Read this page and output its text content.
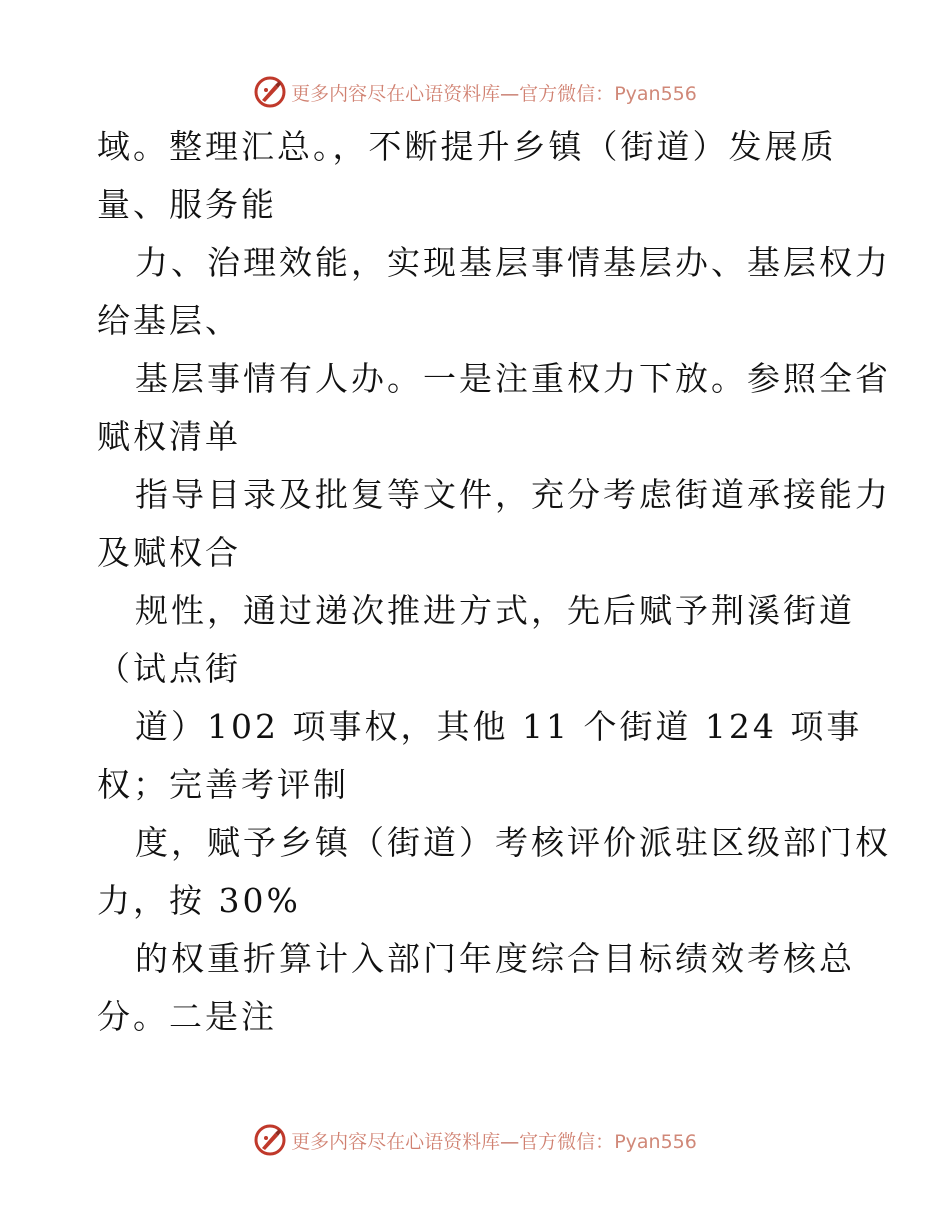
更多内容尽在心语资料库—官方微信：Pyan556
域。整理汇总。，不断提升乡镇（街道）发展质
量、服务能
力、治理效能，实现基层事情基层办、基层权力
给基层、
基层事情有人办。一是注重权力下放。参照全省
赋权清单
指导目录及批复等文件，充分考虑街道承接能力
及赋权合
规性，通过递次推进方式，先后赋予荆溪街道
（试点街
道）102 项事权，其他 11 个街道 124 项事
权；完善考评制
度，赋予乡镇（街道）考核评价派驻区级部门权
力，按 30%
的权重折算计入部门年度综合目标绩效考核总
分。二是注
更多内容尽在心语资料库—官方微信：Pyan556
